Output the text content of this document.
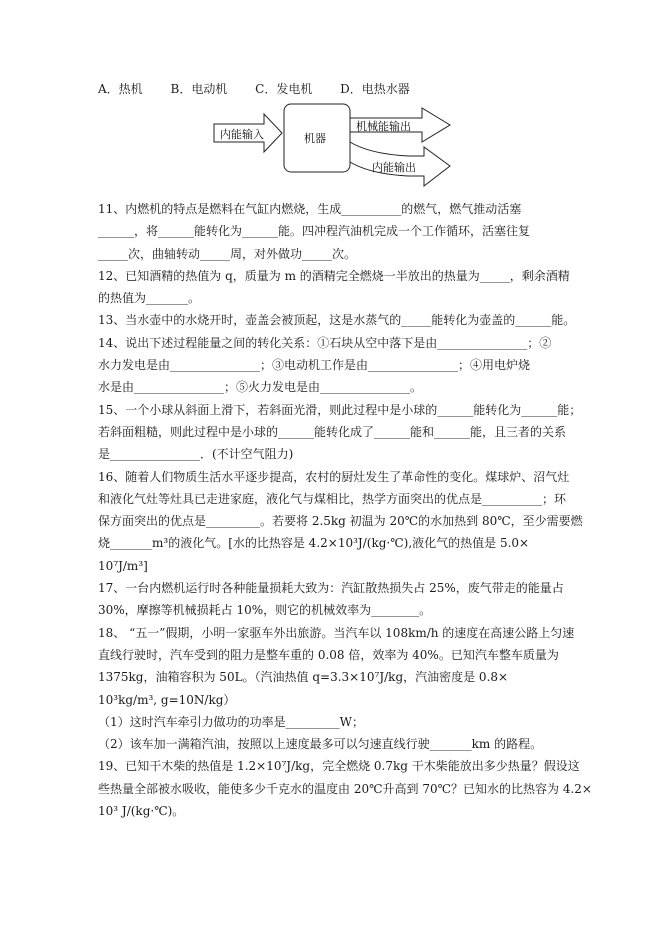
A．热机 B．电动机 C．发电机 D．电热水器
内能输入	机器
机械能输出
内能输出
11、内燃机的特点是燃料在气缸内燃烧，生成__________的燃气，燃气推动活塞
______，将______能转化为______能。四冲程汽油机完成一个工作循环，活塞往复
_____次，曲轴转动_____周，对外做功_____次。
12、已知酒精的热值为 q，质量为 m 的酒精完全燃烧一半放出的热量为_____，剩余酒精
的热值为_______。
13、当水壶中的水烧开时，壶盖会被顶起，这是水蒸气的_____能转化为壶盖的______能。
14、说出下述过程能量之间的转化关系：①石块从空中落下是由_______________；②
水力发电是由_______________；③电动机工作是由_______________；④用电炉烧
水是由_______________；⑤火力发电是由_______________。
15、一个小球从斜面上滑下，若斜面光滑，则此过程中是小球的______能转化为______能；
若斜面粗糙，则此过程中是小球的______能转化成了______能和______能，且三者的关系
是_______________．(不计空气阻力)
16、随着人们物质生活水平逐步提高，农村的厨灶发生了革命性的变化。煤球炉、沼气灶
和液化气灶等灶具已走进家庭，液化气与煤相比，热学方面突出的优点是__________；环
保方面突出的优点是_________。若要将 2.5kg 初温为 20℃的水加热到 80℃，至少需要燃
烧_______m³的液化气。[水的比热容是 4.2×10³J/(kg·℃),液化气的热值是 5.0×
10⁷J/m³]
17、一台内燃机运行时各种能量损耗大致为：汽缸散热损失占 25%，废气带走的能量占
30%，摩擦等机械损耗占 10%，则它的机械效率为________。
18、 “五一”假期，小明一家驱车外出旅游。当汽车以 108km/h 的速度在高速公路上匀速
直线行驶时，汽车受到的阻力是整车重的 0.08 倍，效率为 40%。已知汽车整车质量为
1375kg，油箱容积为 50L。（汽油热值 q=3.3×10⁷J/kg，汽油密度是 0.8×
10³kg/m³, g=10N/kg）
（1）这时汽车牵引力做功的功率是_________W；
（2）该车加一满箱汽油，按照以上速度最多可以匀速直线行驶_______km 的路程。
19、已知干木柴的热值是 1.2×10⁷J/kg，完全燃烧 0.7kg 干木柴能放出多少热量？假设这
些热量全部被水吸收，能使多少千克水的温度由 20℃升高到 70℃？已知水的比热容为 4.2×
10³ J/(kg·℃)。
